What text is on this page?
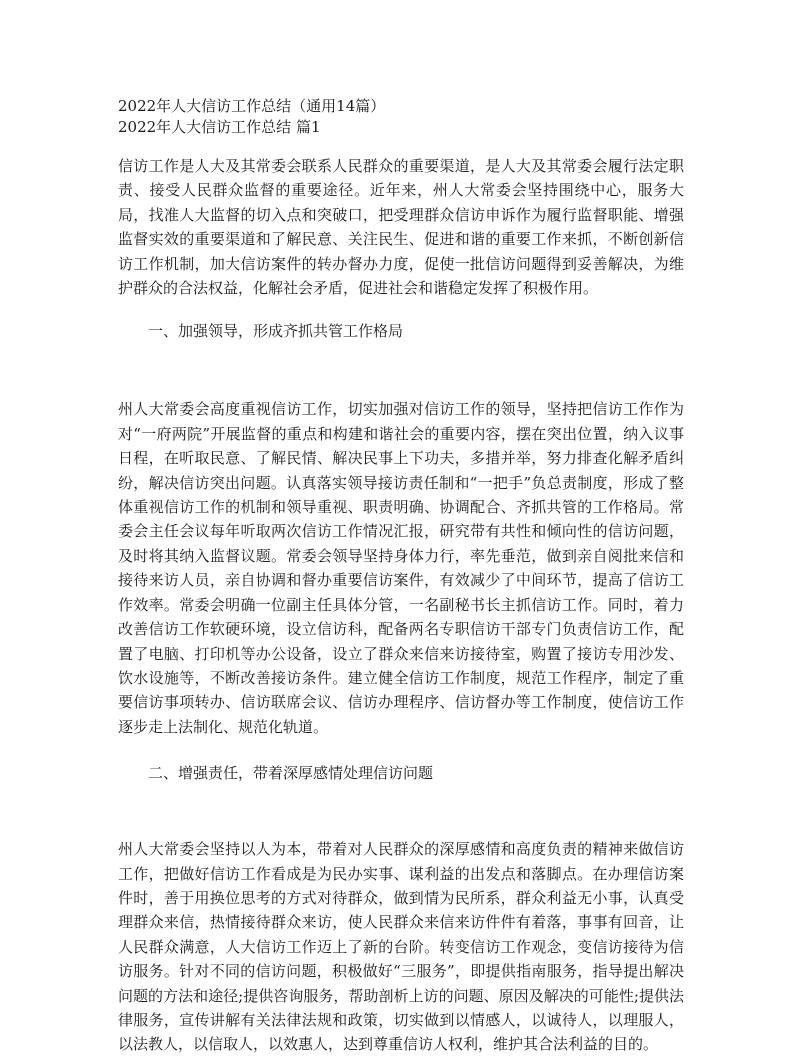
2022年人大信访工作总结（通用14篇）

2022年人大信访工作总结 篇1

信访工作是人大及其常委会联系人民群众的重要渠道，是人大及其常委会履行法定职责、接受人民群众监督的重要途径。近年来，州人大常委会坚持围绕中心，服务大局，找准人大监督的切入点和突破口，把受理群众信访申诉作为履行监督职能、增强监督实效的重要渠道和了解民意、关注民生、促进和谐的重要工作来抓，不断创新信访工作机制，加大信访案件的转办督办力度，促使一批信访问题得到妥善解决，为维护群众的合法权益，化解社会矛盾，促进社会和谐稳定发挥了积极作用。

一、加强领导，形成齐抓共管工作格局

州人大常委会高度重视信访工作，切实加强对信访工作的领导，坚持把信访工作作为对“一府两院”开展监督的重点和构建和谐社会的重要内容，摆在突出位置，纳入议事日程，在听取民意、了解民情、解决民事上下功夫，多措并举，努力排查化解矛盾纠纷，解决信访突出问题。认真落实领导接访责任制和“一把手”负总责制度，形成了整体重视信访工作的机制和领导重视、职责明确、协调配合、齐抓共管的工作格局。常委会主任会议每年听取两次信访工作情况汇报，研究带有共性和倾向性的信访问题，及时将其纳入监督议题。常委会领导坚持身体力行，率先垂范，做到亲自阅批来信和接待来访人员，亲自协调和督办重要信访案件，有效减少了中间环节，提高了信访工作效率。常委会明确一位副主任具体分管，一名副秘书长主抓信访工作。同时，着力改善信访工作软硬环境，设立信访科，配备两名专职信访干部专门负责信访工作，配置了电脑、打印机等办公设备，设立了群众来信来访接待室，购置了接访专用沙发、饮水设施等，不断改善接访条件。建立健全信访工作制度，规范工作程序，制定了重要信访事项转办、信访联席会议、信访办理程序、信访督办等工作制度，使信访工作逐步走上法制化、规范化轨道。

二、增强责任，带着深厚感情处理信访问题

州人大常委会坚持以人为本，带着对人民群众的深厚感情和高度负责的精神来做信访工作，把做好信访工作看成是为民办实事、谋利益的出发点和落脚点。在办理信访案件时，善于用换位思考的方式对待群众，做到情为民所系，群众利益无小事，认真受理群众来信，热情接待群众来访，使人民群众来信来访件件有着落，事事有回音，让人民群众满意，人大信访工作迈上了新的台阶。转变信访工作观念，变信访接待为信访服务。针对不同的信访问题，积极做好“三服务”，即提供指南服务，指导提出解决问题的方法和途径;提供咨询服务，帮助剖析上访的问题、原因及解决的可能性;提供法律服务，宣传讲解有关法律法规和政策，切实做到以情感人，以诚待人，以理服人，以法教人，以信取人，以效惠人，达到尊重信访人权利，维护其合法利益的目的。
